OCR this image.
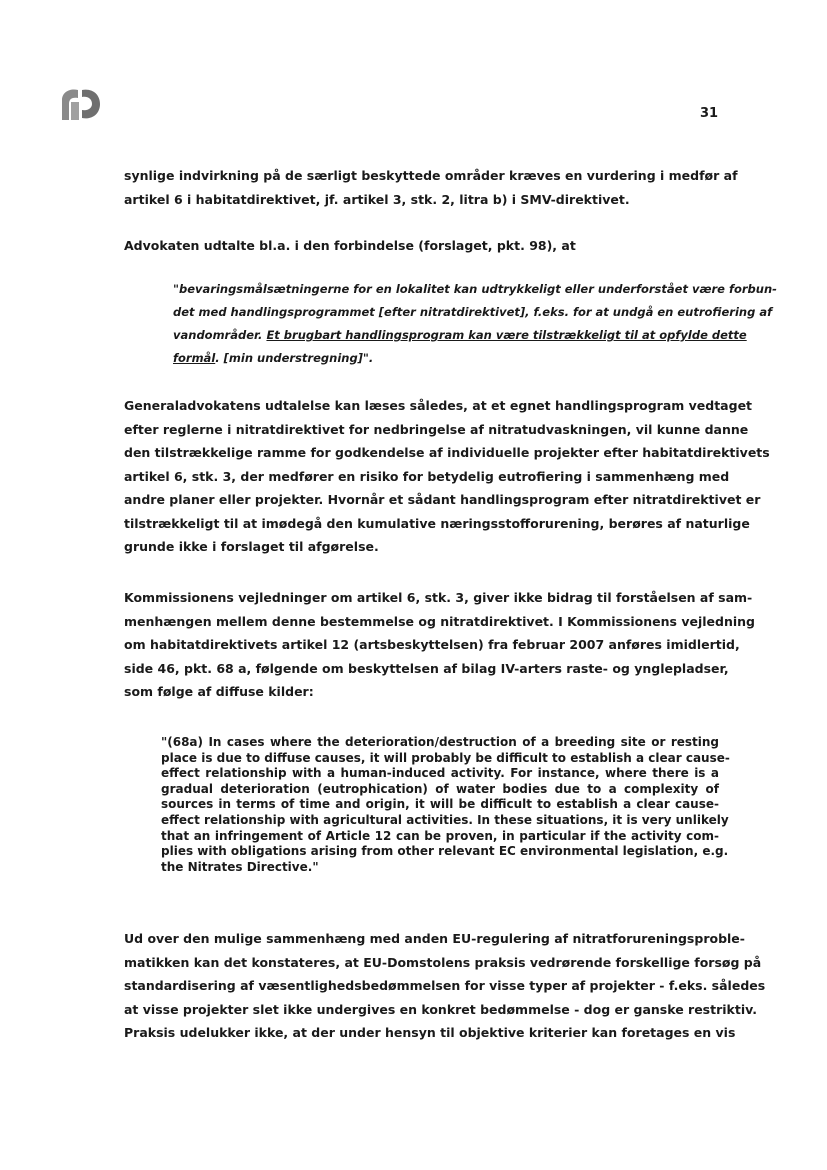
31

synlige indvirkning på de særligt beskyttede områder kræves en vurdering i medfør af
artikel 6 i habitatdirektivet, jf. artikel 3, stk. 2, litra b) i SMV-direktivet.

Advokaten udtalte bl.a. i den forbindelse (forslaget, pkt. 98), at

"bevaringsmålsætningerne for en lokalitet kan udtrykkeligt eller underforstået være forbun-
det med handlingsprogrammet [efter nitratdirektivet], f.eks. for at undgå en eutrofiering af
vandområder. Et brugbart handlingsprogram kan være tilstrækkeligt til at opfylde dette
formål. [min understregning]".

Generaladvokatens udtalelse kan læses således, at et egnet handlingsprogram vedtaget
efter reglerne i nitratdirektivet for nedbringelse af nitratudvaskningen, vil kunne danne
den tilstrækkelige ramme for godkendelse af individuelle projekter efter habitatdirektivets
artikel 6, stk. 3, der medfører en risiko for betydelig eutrofiering i sammenhæng med
andre planer eller projekter. Hvornår et sådant handlingsprogram efter nitratdirektivet er
tilstrækkeligt til at imødegå den kumulative næringsstofforurening, berøres af naturlige
grunde ikke i forslaget til afgørelse.

Kommissionens vejledninger om artikel 6, stk. 3, giver ikke bidrag til forståelsen af sam-
menhængen mellem denne bestemmelse og nitratdirektivet. I Kommissionens vejledning
om habitatdirektivets artikel 12 (artsbeskyttelsen) fra februar 2007 anføres imidlertid,
side 46, pkt. 68 a, følgende om beskyttelsen af bilag IV-arters raste- og ynglepladser,
som følge af diffuse kilder:

"(68a) In cases where the deterioration/destruction of a breeding site or resting
place is due to diffuse causes, it will probably be difficult to establish a clear cause-
effect relationship with a human-induced activity. For instance, where there is a
gradual deterioration (eutrophication) of water bodies due to a complexity of
sources in terms of time and origin, it will be difficult to establish a clear cause-
effect relationship with agricultural activities. In these situations, it is very unlikely
that an infringement of Article 12 can be proven, in particular if the activity com-
plies with obligations arising from other relevant EC environmental legislation, e.g.
the Nitrates Directive."

Ud over den mulige sammenhæng med anden EU-regulering af nitratforureningsproble-
matikken kan det konstateres, at EU-Domstolens praksis vedrørende forskellige forsøg på
standardisering af væsentlighedsbedømmelsen for visse typer af projekter - f.eks. således
at visse projekter slet ikke undergives en konkret bedømmelse - dog er ganske restriktiv.
Praksis udelukker ikke, at der under hensyn til objektive kriterier kan foretages en vis
